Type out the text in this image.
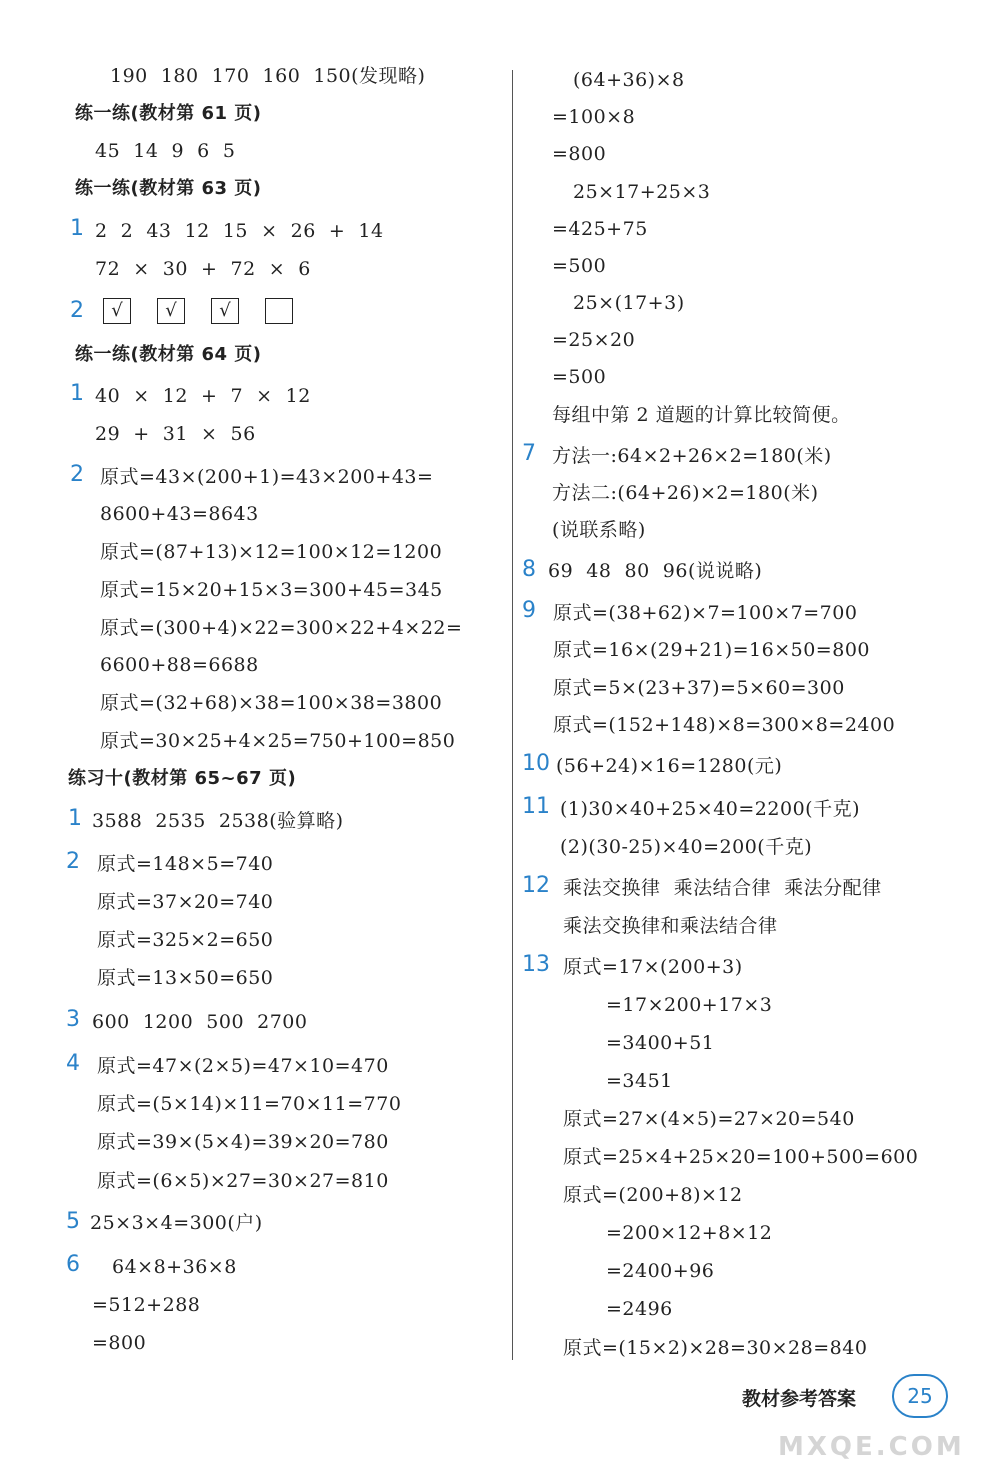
190  180  170  160  150(发现略)
练一练(教材第 61 页)
45  14  9  6  5
练一练(教材第 63 页)
1 2  2  43  12  15  ×  26  +  14
72  ×  30  +  72  ×  6
2	√	√	√
练一练(教材第 64 页)
1 40  ×  12  +  7  ×  12
29  +  31  ×  56
2 原式=43×(200+1)=43×200+43=
8600+43=8643
原式=(87+13)×12=100×12=1200
原式=15×20+15×3=300+45=345
原式=(300+4)×22=300×22+4×22=
6600+88=6688
原式=(32+68)×38=100×38=3800
原式=30×25+4×25=750+100=850
练习十(教材第 65~67 页)
1 3588  2535  2538(验算略)
2 原式=148×5=740
原式=37×20=740
原式=325×2=650
原式=13×50=650
3 600  1200  500  2700
4 原式=47×(2×5)=47×10=470
原式=(5×14)×11=70×11=770
原式=39×(5×4)=39×20=780
原式=(6×5)×27=30×27=810
5 25×3×4=300(户)
6 64×8+36×8
=512+288
=800
(64+36)×8
=100×8
=800
25×17+25×3
=425+75
=500
25×(17+3)
=25×20
=500
每组中第 2 道题的计算比较简便。
7 方法一:64×2+26×2=180(米)
方法二:(64+26)×2=180(米)
(说联系略)
8 69  48  80  96(说说略)
9 原式=(38+62)×7=100×7=700
原式=16×(29+21)=16×50=800
原式=5×(23+37)=5×60=300
原式=(152+148)×8=300×8=2400
10 (56+24)×16=1280(元)
11 (1)30×40+25×40=2200(千克)
(2)(30-25)×40=200(千克)
12 乘法交换律  乘法结合律  乘法分配律
乘法交换律和乘法结合律
13 原式=17×(200+3)
=17×200+17×3
=3400+51
=3451
原式=27×(4×5)=27×20=540
原式=25×4+25×20=100+500=600
原式=(200+8)×12
=200×12+8×12
=2400+96
=2496
原式=(15×2)×28=30×28=840
教材参考答案	25
MXQE.COM
